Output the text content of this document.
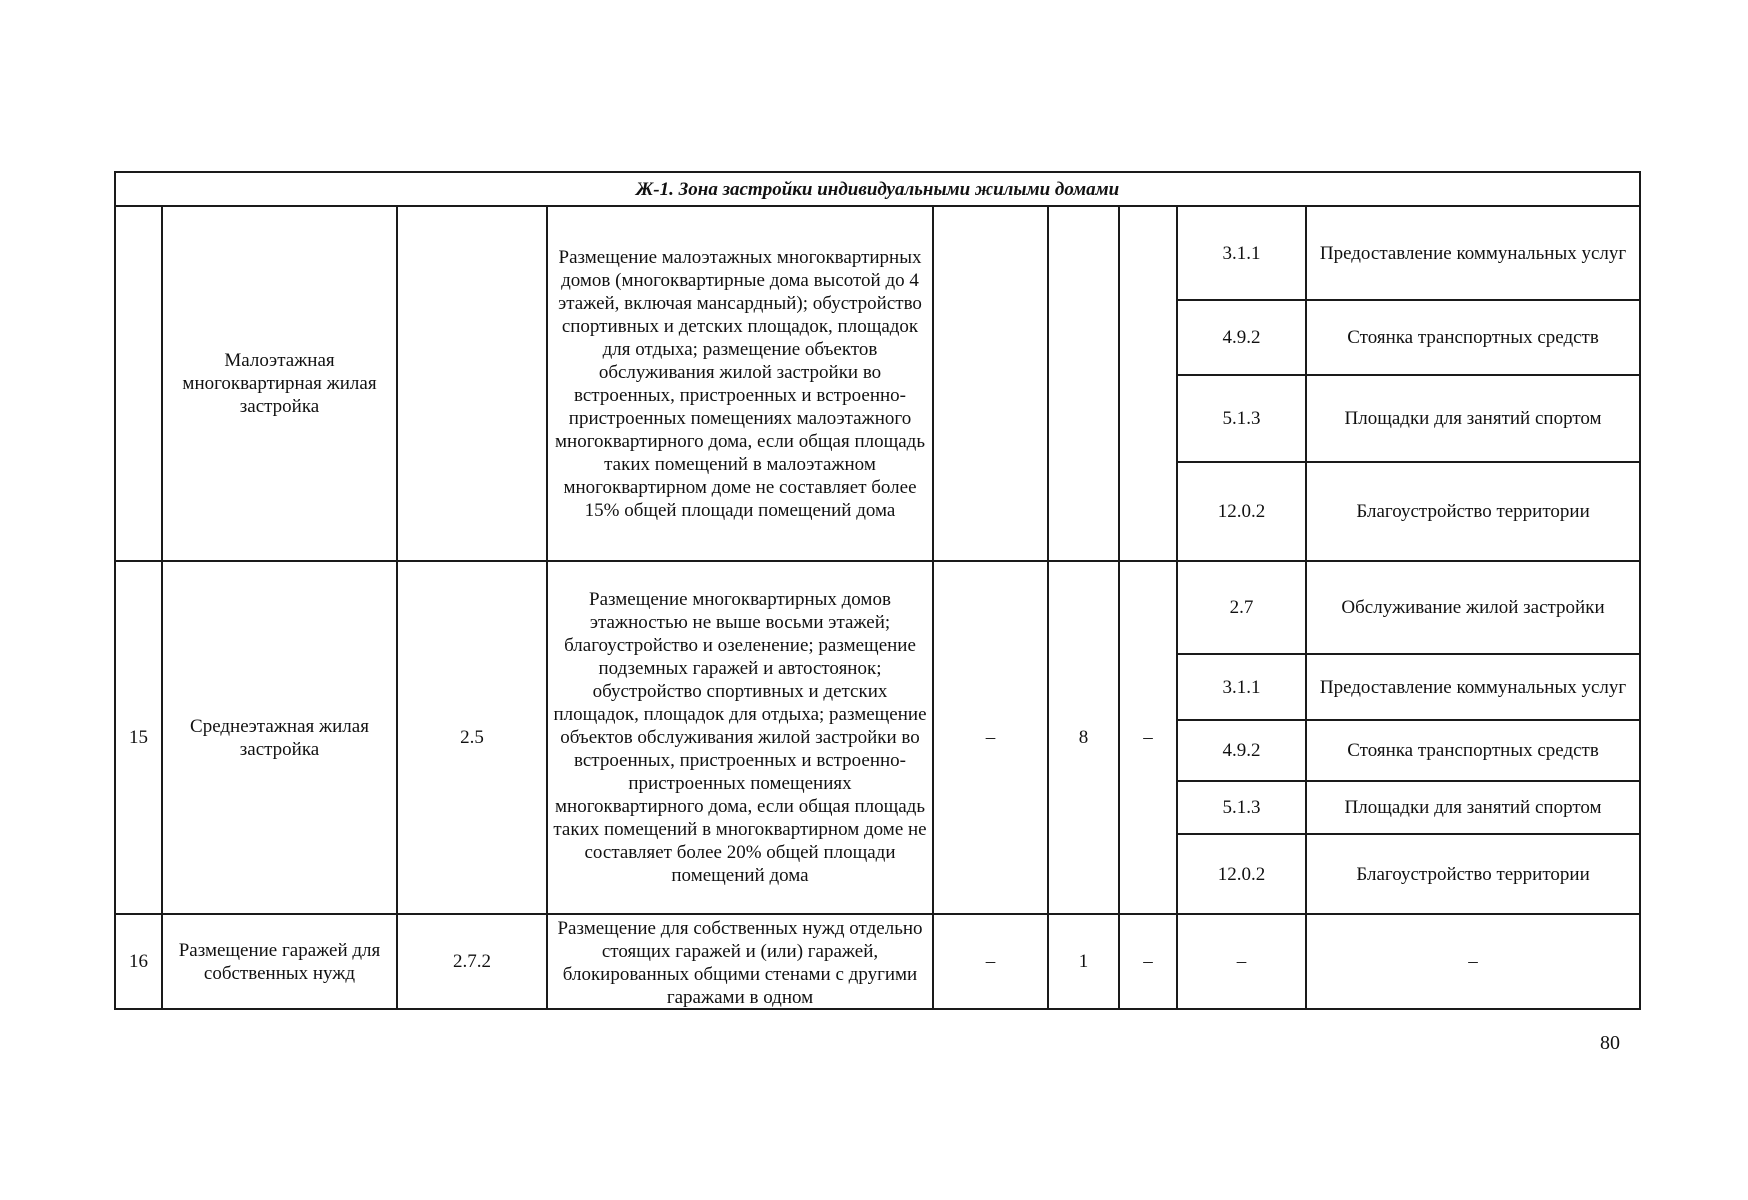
Ж-1. Зона застройки индивидуальными жилыми домами								
	Малоэтажная многоквартирная жилая застройка		Размещение малоэтажных многоквартирных домов (многоквартирные дома высотой до 4 этажей, включая мансардный); обустройство спортивных и детских площадок, площадок для отдыха; размещение объектов обслуживания жилой застройки во встроенных, пристроенных и встроенно-пристроенных помещениях малоэтажного многоквартирного дома, если общая площадь таких помещений в малоэтажном многоквартирном доме не составляет более 15% общей площади помещений дома				3.1.1	Предоставление коммунальных услуг
							4.9.2	Стоянка транспортных средств
							5.1.3	Площадки для занятий спортом
							12.0.2	Благоустройство территории
15	Среднеэтажная жилая застройка	2.5	Размещение многоквартирных домов этажностью не выше восьми этажей; благоустройство и озеленение; размещение подземных гаражей и автостоянок; обустройство спортивных и детских площадок, площадок для отдыха; размещение объектов обслуживания жилой застройки во встроенных, пристроенных и встроенно-пристроенных помещениях многоквартирного дома, если общая площадь таких помещений в многоквартирном доме не составляет более 20% общей площади помещений дома	–	8	–	2.7	Обслуживание жилой застройки
							3.1.1	Предоставление коммунальных услуг
							4.9.2	Стоянка транспортных средств
							5.1.3	Площадки для занятий спортом
							12.0.2	Благоустройство территории
16	Размещение гаражей для собственных нужд	2.7.2	Размещение для собственных нужд отдельно стоящих гаражей и (или) гаражей, блокированных общими стенами с другими гаражами в одном	–	1	–	–	–
80
